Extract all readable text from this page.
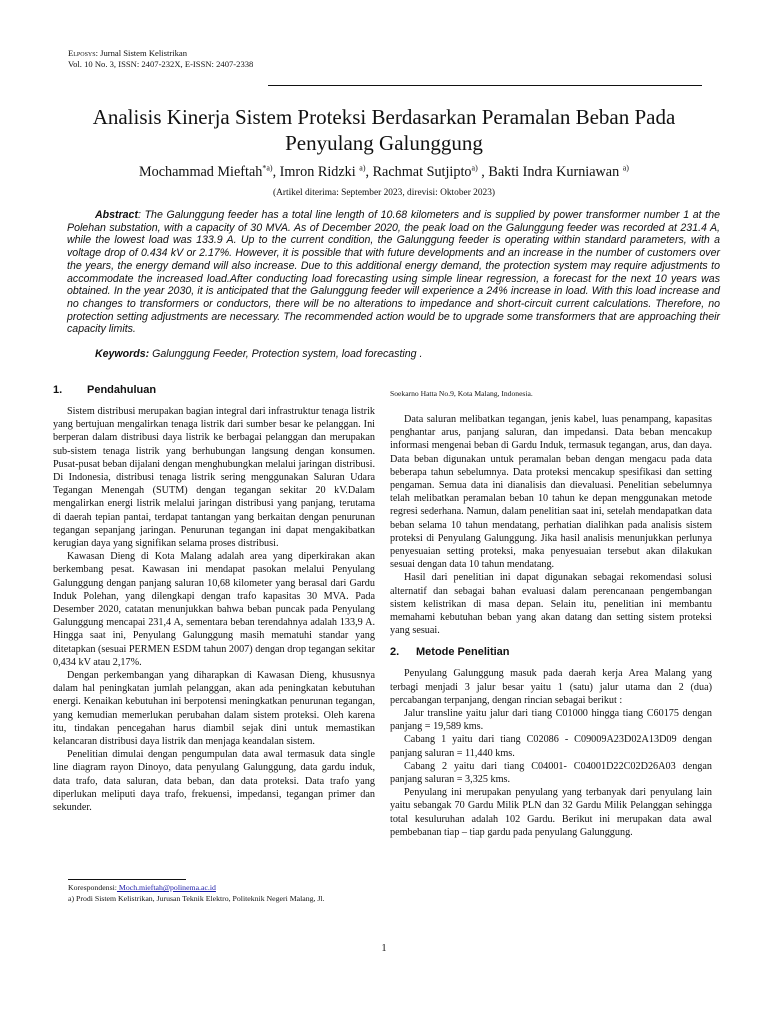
Elposys: Jurnal Sistem Kelistrikan
Vol. 10 No. 3, ISSN: 2407-232X, E-ISSN: 2407-2338
Analisis Kinerja Sistem Proteksi Berdasarkan Peramalan Beban Pada Penyulang Galunggung
Mochammad Mieftah$^{*a)}$, Imron Ridzki $^{a)}$, Rachmat Sutjipto$^{a)}$ , Bakti Indra Kurniawan $^{a)}$
(Artikel diterima: September 2023, direvisi: Oktober 2023)
Abstract: The Galunggung feeder has a total line length of 10.68 kilometers and is supplied by power transformer number 1 at the Polehan substation, with a capacity of 30 MVA. As of December 2020, the peak load on the Galunggung feeder was recorded at 231.4 A, while the lowest load was 133.9 A. Up to the current condition, the Galunggung feeder is operating within standard parameters, with a voltage drop of 0.434 kV or 2.17%. However, it is possible that with future developments and an increase in the number of customers over the years, the energy demand will also increase. Due to this additional energy demand, the protection system may require adjustments to accommodate the increased load.After conducting load forecasting using simple linear regression, a forecast for the next 10 years was obtained. In the year 2030, it is anticipated that the Galunggung feeder will experience a 24% increase in load. With this load increase and no changes to transformers or conductors, there will be no alterations to impedance and short-circuit current calculations. Therefore, no protection setting adjustments are necessary. The recommended action would be to upgrade some transformers that are approaching their capacity limits.
Keywords: Galunggung Feeder, Protection system, load forecasting .
1. Pendahuluan

Sistem distribusi merupakan bagian integral dari infrastruktur tenaga listrik yang bertujuan mengalirkan tenaga listrik dari sumber besar ke pelanggan. Ini berperan dalam distribusi daya listrik ke berbagai pelanggan dan merupakan sub-sistem tenaga listrik yang berhubungan langsung dengan konsumen. Pusat-pusat beban dijalani dengan menghubungkan melalui jaringan distribusi. Di Indonesia, distribusi tenaga listrik sering menggunakan Saluran Udara Tegangan Menengah (SUTM) dengan tegangan sekitar 20 kV.Dalam mengalirkan energi listrik melalui jaringan distribusi yang panjang, terutama di daerah tepian pantai, terdapat tantangan yang berkaitan dengan penurunan tegangan sepanjang jaringan. Penurunan tegangan ini dapat mengakibatkan kerugian daya yang signifikan selama proses distribusi.

Kawasan Dieng di Kota Malang adalah area yang diperkirakan akan berkembang pesat. Kawasan ini mendapat pasokan melalui Penyulang Galunggung dengan panjang saluran 10,68 kilometer yang berasal dari Gardu Induk Polehan, yang dilengkapi dengan trafo kapasitas 30 MVA. Pada Desember 2020, catatan menunjukkan bahwa beban puncak pada Penyulang Galunggung mencapai 231,4 A, sementara beban terendahnya adalah 133,9 A. Hingga saat ini, Penyulang Galunggung masih mematuhi standar yang ditetapkan (sesuai PERMEN ESDM tahun 2007) dengan drop tegangan sekitar 0,434 kV atau 2,17%.

Dengan perkembangan yang diharapkan di Kawasan Dieng, khususnya dalam hal peningkatan jumlah pelanggan, akan ada peningkatan kebutuhan energi. Kenaikan kebutuhan ini berpotensi meningkatkan penurunan tegangan, yang kemudian memerlukan perubahan dalam sistem proteksi. Oleh karena itu, tindakan pencegahan harus diambil sejak dini untuk memastikan kelancaran distribusi daya listrik dan menjaga keandalan sistem.

Penelitian dimulai dengan pengumpulan data awal termasuk data single line diagram rayon Dinoyo, data penyulang Galunggung, data gardu induk, data trafo, data saluran, data beban, dan data proteksi. Data trafo yang diperlukan meliputi daya trafo, frekuensi, impedansi, tegangan primer dan sekunder.

Soekarno Hatta No.9, Kota Malang, Indonesia.

Data saluran melibatkan tegangan, jenis kabel, luas penampang, kapasitas penghantar arus, panjang saluran, dan impedansi. Data beban mencakup informasi mengenai beban di Gardu Induk, termasuk tegangan, arus, dan daya. Data beban digunakan untuk peramalan beban dengan mengacu pada data beberapa tahun sebelumnya. Data proteksi mencakup spesifikasi dan setting pengaman. Semua data ini dianalisis dan dievaluasi. Penelitian sebelumnya telah melibatkan peramalan beban 10 tahun ke depan menggunakan metode regresi sederhana. Namun, dalam penelitian saat ini, setelah mendapatkan data beban selama 10 tahun mendatang, perhatian dialihkan pada analisis sistem proteksi di Penyulang Galunggung. Jika hasil analisis menunjukkan perlunya penyesuaian setting proteksi, maka penyesuaian tersebut akan dilakukan sesuai dengan data 10 tahun mendatang.

Hasil dari penelitian ini dapat digunakan sebagai rekomendasi solusi alternatif dan sebagai bahan evaluasi dalam perencanaan pengembangan sistem kelistrikan di masa depan. Selain itu, penelitian ini membantu memahami kebutuhan beban yang akan datang dan setting sistem proteksi yang sesuai.

2. Metode Penelitian

Penyulang Galunggung masuk pada daerah kerja Area Malang yang terbagi menjadi 3 jalur besar yaitu 1 (satu) jalur utama dan 2 (dua) percabangan terpanjang, dengan rincian sebagai berikut :

Jalur transline yaitu jalur dari tiang C01000 hingga tiang C60175 dengan panjang = 19,589 kms.

Cabang 1 yaitu dari tiang C02086 - C09009A23D02A13D09 dengan panjang saluran = 11,440 kms.

Cabang 2 yaitu dari tiang C04001- C04001D22C02D26A03 dengan panjang saluran = 3,325 kms.

Penyulang ini merupakan penyulang yang terbanyak dari penyulang lain yaitu sebangak 70 Gardu Milik PLN dan 32 Gardu Milik Pelanggan sehingga total kesuluruhan adalah 102 Gardu. Berikut ini merupakan data awal pembebanan tiap – tiap gardu pada penyulang Galunggung.

Korespondensi: Moch.mieftah@polinema.ac.id
a) Prodi Sistem Kelistrikan, Jurusan Teknik Elektro, Politeknik Negeri Malang, Jl.
1
